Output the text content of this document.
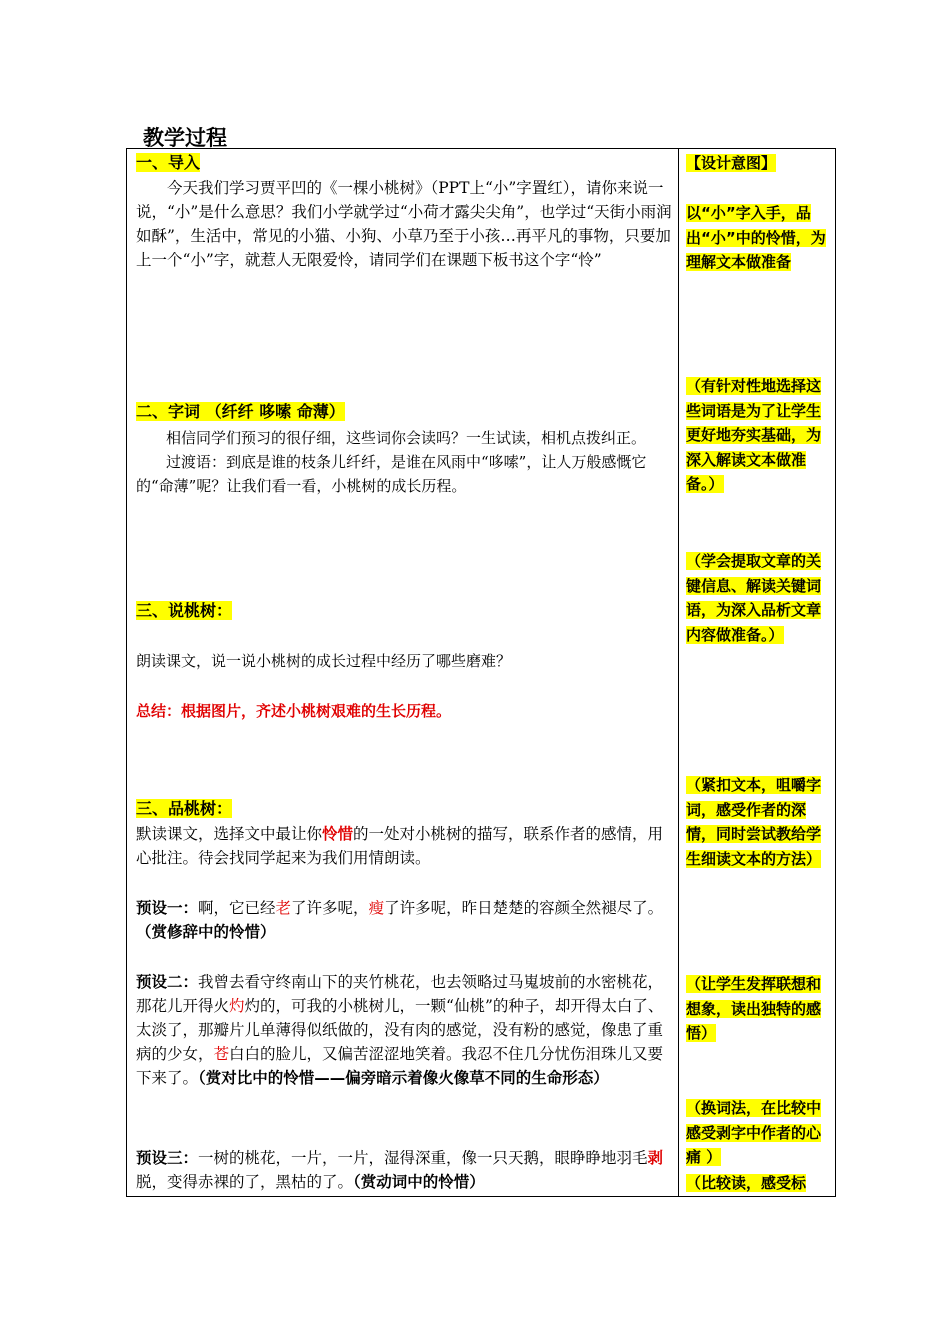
教学过程
一、导入

今天我们学习贾平凹的《一棵小桃树》（PPT上“小”字置红），请你来说一说，“小”是什么意思？我们小学就学过“小荷才露尖尖角”，也学过“天街小雨润如酥”，生活中，常见的小猫、小狗、小草乃至于小孩…再平凡的事物，只要加上一个“小”字，就惹人无限爱怜，请同学们在课题下板书这个字“怜”

二、字词 （纤纤 哆嗦 命薄）

相信同学们预习的很仔细，这些词你会读吗？一生试读，相机点拨纠正。

过渡语：到底是谁的枝条儿纤纤，是谁在风雨中“哆嗦”，让人万般感慨它的“命薄”呢？让我们看一看，小桃树的成长历程。

三、说桃树：

朗读课文，说一说小桃树的成长过程中经历了哪些磨难？

总结：根据图片，齐述小桃树艰难的生长历程。

三、品桃树：

默读课文，选择文中最让你怜惜的一处对小桃树的描写，联系作者的感情，用心批注。待会找同学起来为我们用情朗读。

预设一：啊，它已经老了许多呢，瘦了许多呢，昨日楚楚的容颜全然褪尽了。（赏修辞中的怜惜）

预设二：我曾去看守终南山下的夹竹桃花，也去领略过马嵬坡前的水密桃花，那花儿开得火灼灼的，可我的小桃树儿，一颗“仙桃”的种子，却开得太白了、太淡了，那瓣片儿单薄得似纸做的，没有肉的感觉，没有粉的感觉，像患了重病的少女，苍白白的脸儿，又偏苦涩涩地笑着。我忍不住几分忧伤泪珠儿又要下来了。（赏对比中的怜惜——偏旁暗示着像火像草不同的生命形态）

预设三：一树的桃花，一片，一片，湿得深重，像一只天鹅，眼睁睁地羽毛剥脱，变得赤裸的了，黑枯的了。（赏动词中的怜惜）

【设计意图】
以“小”字入手，品出“小”中的怜惜，为理解文本做准备
（有针对性地选择这些词语是为了让学生更好地夯实基础，为深入解读文本做准备。）
（学会提取文章的关键信息、解读关键词语，为深入品析文章内容做准备。）
（紧扣文本，咀嚼字词，感受作者的深情，同时尝试教给学生细读文本的方法）
（让学生发挥联想和想象，读出独特的感悟）
（换词法，在比较中感受剥字中作者的心痛 ）
（比较读，感受标
